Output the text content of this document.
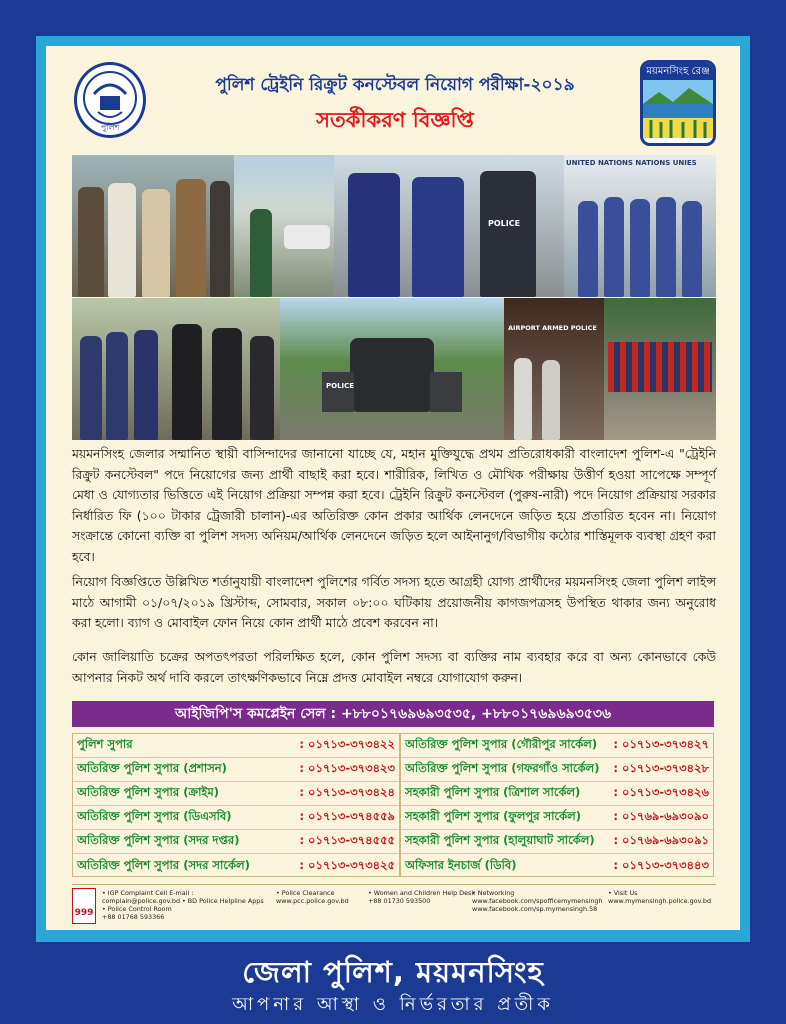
পুলিশ
ময়মনসিংহ রেঞ্জ
পুলিশ ট্রেইনি রিক্রুট কনস্টেবল নিয়োগ পরীক্ষা-২০১৯
সতর্কীকরণ বিজ্ঞপ্তি
POLICE
UNITED NATIONS NATIONS UNIES
POLICE
AIRPORT ARMED POLICE
ময়মনসিংহ জেলার সম্মানিত স্থায়ী বাসিন্দাদের জানানো যাচ্ছে যে, মহান মুক্তিযুদ্ধে প্রথম প্রতিরোধকারী বাংলাদেশ পুলিশ-এ "ট্রেইনি রিক্রুট কনস্টেবল" পদে নিয়োগের জন্য প্রার্থী বাছাই করা হবে। শারীরিক, লিখিত ও মৌখিক পরীক্ষায় উত্তীর্ণ হওয়া সাপেক্ষে সম্পূর্ণ মেধা ও যোগ্যতার ভিত্তিতে এই নিয়োগ প্রক্রিয়া সম্পন্ন করা হবে। ট্রেইনি রিক্রুট কনস্টেবল (পুরুষ-নারী) পদে নিয়োগ প্রক্রিয়ায় সরকার নির্ধারিত ফি (১০০ টাকার ট্রেজারী চালান)-এর অতিরিক্ত কোন প্রকার আর্থিক লেনদেনে জড়িত হয়ে প্রতারিত হবেন না। নিয়োগ সংক্রান্তে কোনো ব্যক্তি বা পুলিশ সদস্য অনিয়ম/আর্থিক লেনদেনে জড়িত হলে আইনানুগ/বিভাগীয় কঠোর শাস্তিমূলক ব্যবস্থা গ্রহণ করা হবে।
নিয়োগ বিজ্ঞপ্তিতে উল্লিখিত শর্তানুযায়ী বাংলাদেশ পুলিশের গর্বিত সদস্য হতে আগ্রহী যোগ্য প্রার্থীদের ময়মনসিংহ জেলা পুলিশ লাইন্স মাঠে আগামী ০১/০৭/২০১৯ খ্রিস্টাব্দ, সোমবার, সকাল ০৮:০০ ঘটিকায় প্রয়োজনীয় কাগজপত্রসহ উপস্থিত থাকার জন্য অনুরোধ করা হলো। ব্যাগ ও মোবাইল ফোন নিয়ে কোন প্রার্থী মাঠে প্রবেশ করবেন না।
কোন জালিয়াতি চক্রের অপতৎপরতা পরিলক্ষিত হলে, কোন পুলিশ সদস্য বা ব্যক্তির নাম ব্যবহার করে বা অন্য কোনভাবে কেউ আপনার নিকট অর্থ দাবি করলে তাৎক্ষণিকভাবে নিম্নে প্রদত্ত মোবাইল নম্বরে যোগাযোগ করুন।
আইজিপি'স কমপ্লেইন সেল : +৮৮০১৭৬৯৬৯৩৫৩৫, +৮৮০১৭৬৯৬৯৩৫৩৬
পুলিশ সুপার	: ০১৭১৩-৩৭৩৪২২
অতিরিক্ত পুলিশ সুপার (প্রশাসন)	: ০১৭১৩-৩৭৩৪২৩
অতিরিক্ত পুলিশ সুপার (ক্রাইম)	: ০১৭১৩-৩৭৩৪২৪
অতিরিক্ত পুলিশ সুপার (ডিএসবি)	: ০১৭১৩-৩৭৪৫৫৯
অতিরিক্ত পুলিশ সুপার (সদর দপ্তর)	: ০১৭১৩-৩৭৪৫৫৫
অতিরিক্ত পুলিশ সুপার (সদর সার্কেল)	: ০১৭১৩-৩৭৩৪২৫
অতিরিক্ত পুলিশ সুপার (গৌরীপুর সার্কেল) : ০১৭১৩-৩৭৩৪২৭
অতিরিক্ত পুলিশ সুপার (গফরগাঁও সার্কেল) : ০১৭১৩-৩৭৩৪২৮
সহকারী পুলিশ সুপার (ত্রিশাল সার্কেল)	: ০১৭১৩-৩৭৩৪২৬
সহকারী পুলিশ সুপার (ফুলপুর সার্কেল)	: ০১৭৬৯-৬৯৩০৯০
সহকারী পুলিশ সুপার (হালুয়াঘাট সার্কেল) : ০১৭৬৯-৬৯৩০৯১
অফিসার ইনচার্জ (ডিবি)	: ০১৭১৩-৩৭৩৪৪৩
999
• IGP Complaint Cell E-mail : complain@police.gov.bd
• Police Control Room
+88 01768 593366
• BD Police Helpline Apps
• Police Clearance
www.pcc.police.gov.bd
• Women and Children Help Desk
+88 01730 593500
• Networking
www.facebook.com/spofficemymensingh
www.facebook.com/sp.mymensingh.58
• Visit Us
www.mymensingh.police.gov.bd
জেলা পুলিশ, ময়মনসিংহ
আপনার আস্থা ও নির্ভরতার প্রতীক
